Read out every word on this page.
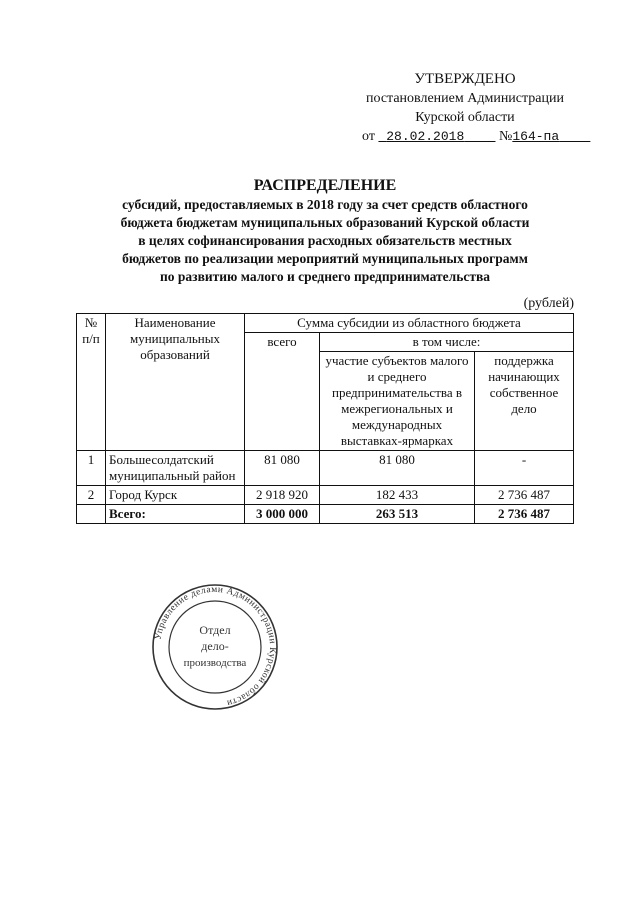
УТВЕРЖДЕНО
постановлением Администрации
Курской области
от 28.02.2018 №164-па
РАСПРЕДЕЛЕНИЕ
субсидий, предоставляемых в 2018 году за счет средств областного
бюджета бюджетам муниципальных образований Курской области
в целях софинансирования расходных обязательств местных
бюджетов по реализации мероприятий муниципальных программ
по развитию малого и среднего предпринимательства
(рублей)
№ п/п	Наименование муниципальных образований	Сумма субсидии из областного бюджета		
		всего	в том числе:	
			участие субъектов малого и среднего предпринимательства в межрегиональных и международных выставках-ярмарках	поддержка начинающих собственное дело
1	Большесолдатский муниципальный район	81 080	81 080	-
2	Город Курск	2 918 920	182 433	2 736 487
	Всего:	3 000 000	263 513	2 736 487
Управление делами Администрации Курской области
Отдел
дело-
производства
